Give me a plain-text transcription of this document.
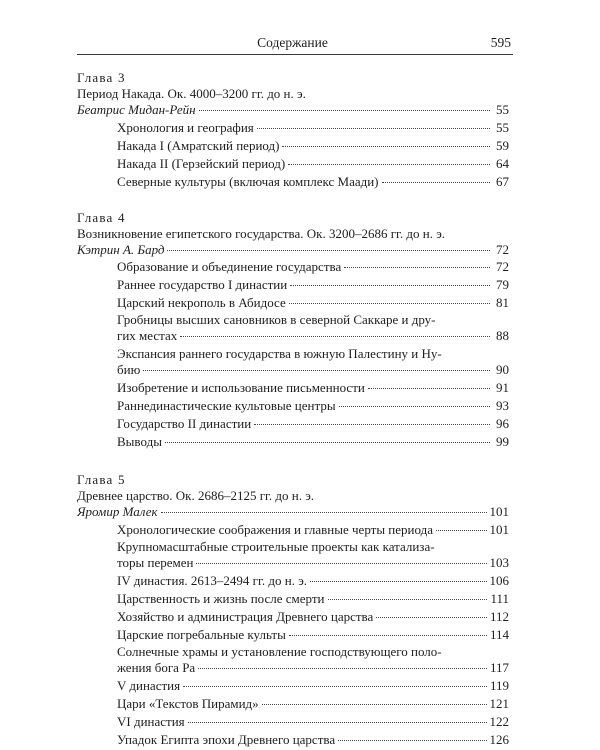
Содержание	595
Глава 3
Период Накада. Ок. 4000–3200 гг. до н. э.
Беатрис Мидан-Рейн	55
Хронология и география	55
Накада I (Амратский период)	59
Накада II (Герзейский период)	64
Северные культуры (включая комплекс Маади)	67
Глава 4
Возникновение египетского государства. Ок. 3200–2686 гг. до н. э.
Кэтрин А. Бард	72
Образование и объединение государства	72
Раннее государство I династии	79
Царский некрополь в Абидосе	81
Гробницы высших сановников в северной Саккаре и дру-
гих местах	88
Экспансия раннего государства в южную Палестину и Ну-
бию	90
Изобретение и использование письменности	91
Раннединастические культовые центры	93
Государство II династии	96
Выводы	99
Глава 5
Древнее царство. Ок. 2686–2125 гг. до н. э.
Яромир Малек	101
Хронологические соображения и главные черты периода	101
Крупномасштабные строительные проекты как катализа-
торы перемен	103
IV династия. 2613–2494 гг. до н. э.	106
Царственность и жизнь после смерти	111
Хозяйство и администрация Древнего царства	112
Царские погребальные культы	114
Солнечные храмы и установление господствующего поло-
жения бога Ра	117
V династия	119
Цари «Текстов Пирамид»	121
VI династия	122
Упадок Египта эпохи Древнего царства	126
